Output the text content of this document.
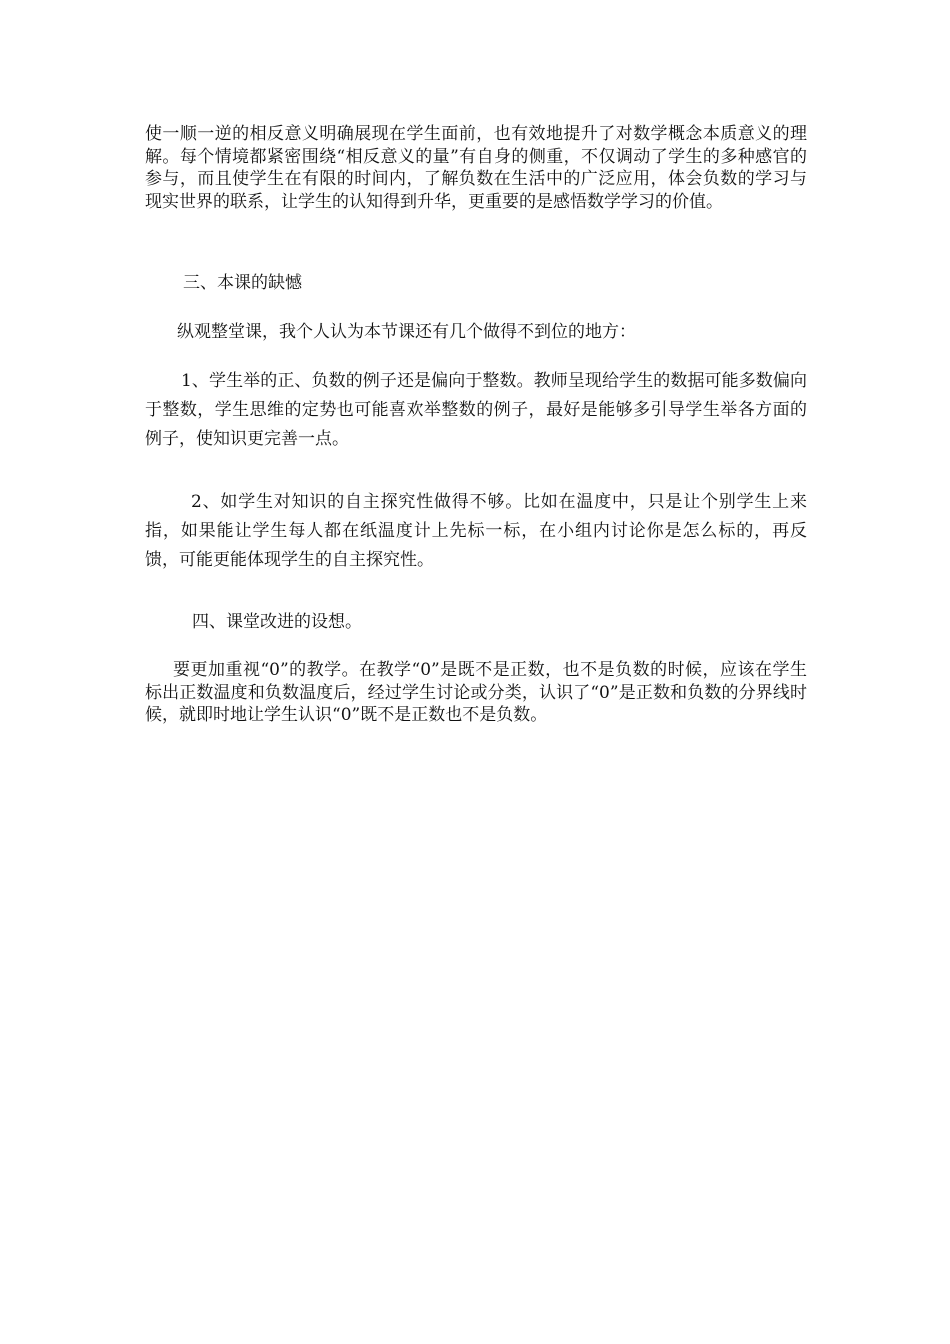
使一顺一逆的相反意义明确展现在学生面前，也有效地提升了对数学概念本质意义的理解。每个情境都紧密围绕“相反意义的量”有自身的侧重，不仅调动了学生的多种感官的参与，而且使学生在有限的时间内，了解负数在生活中的广泛应用，体会负数的学习与现实世界的联系，让学生的认知得到升华，更重要的是感悟数学学习的价值。

三、本课的缺憾

纵观整堂课，我个人认为本节课还有几个做得不到位的地方：

1、学生举的正、负数的例子还是偏向于整数。教师呈现给学生的数据可能多数偏向于整数，学生思维的定势也可能喜欢举整数的例子，最好是能够多引导学生举各方面的例子，使知识更完善一点。

2、如学生对知识的自主探究性做得不够。比如在温度中，只是让个别学生上来指，如果能让学生每人都在纸温度计上先标一标，在小组内讨论你是怎么标的，再反馈，可能更能体现学生的自主探究性。

四、课堂改进的设想。

要更加重视“0”的教学。在教学“0”是既不是正数，也不是负数的时候，应该在学生标出正数温度和负数温度后，经过学生讨论或分类，认识了“0”是正数和负数的分界线时候，就即时地让学生认识“0”既不是正数也不是负数。
